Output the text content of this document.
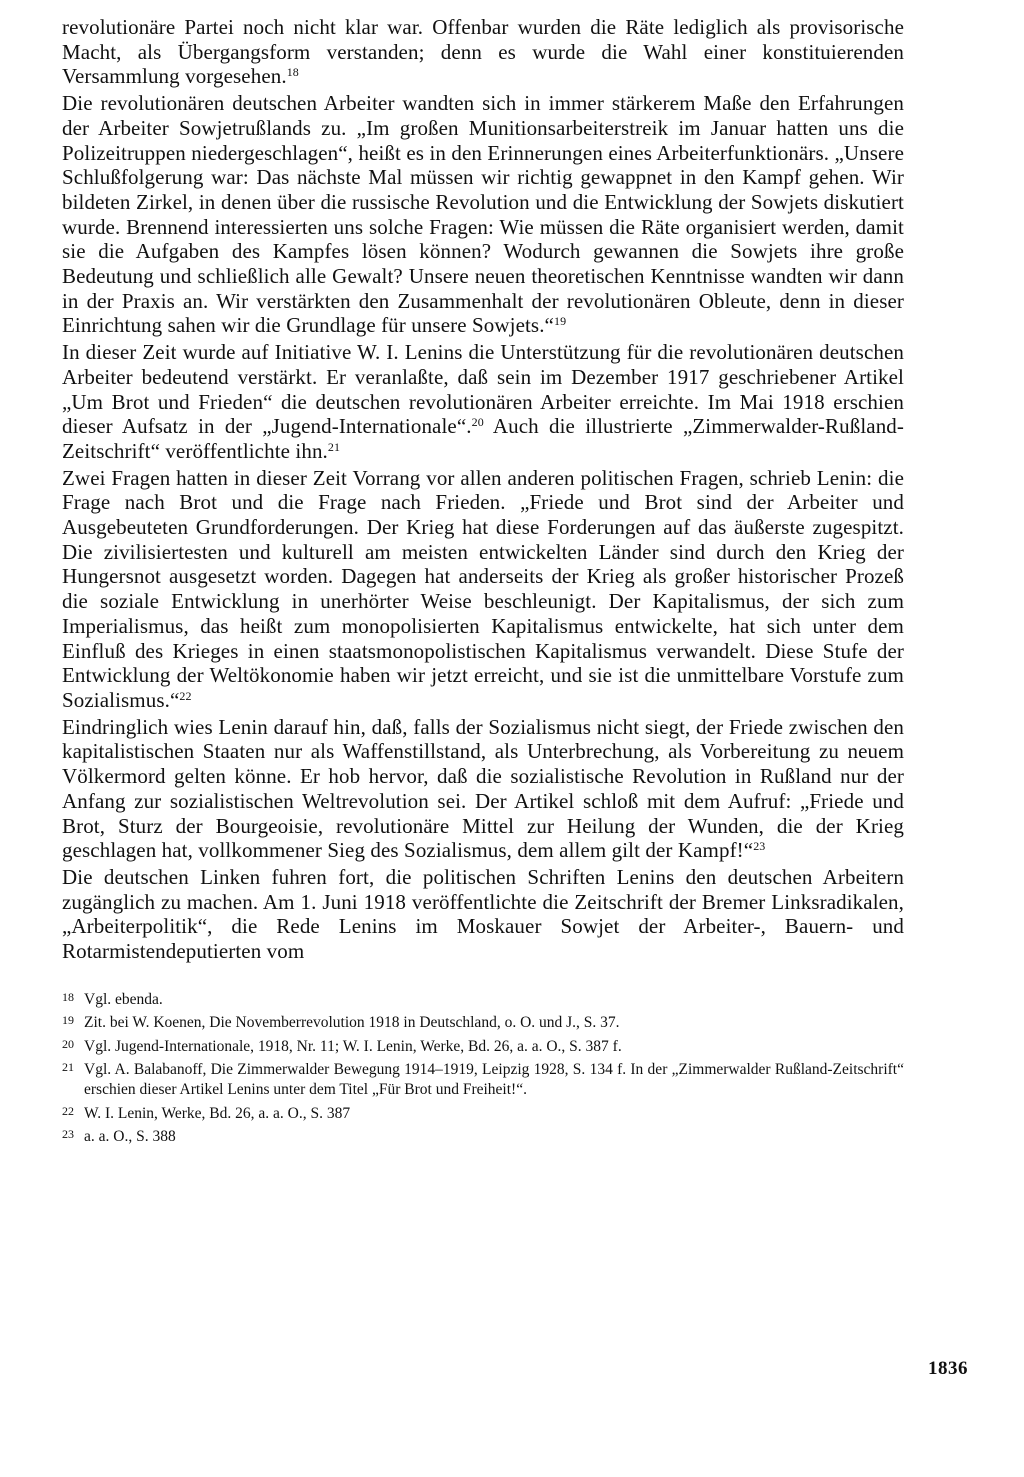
revolutionäre Partei noch nicht klar war. Offenbar wurden die Räte lediglich als provisorische Macht, als Übergangsform verstanden; denn es wurde die Wahl einer konstituierenden Versammlung vorgesehen.$^{18}$

Die revolutionären deutschen Arbeiter wandten sich in immer stärkerem Maße den Erfahrungen der Arbeiter Sowjetrußlands zu. „Im großen Munitionsarbeiterstreik im Januar hatten uns die Polizeitruppen niedergeschlagen“, heißt es in den Erinnerungen eines Arbeiterfunktionärs. „Unsere Schlußfolgerung war: Das nächste Mal müssen wir richtig gewappnet in den Kampf gehen. Wir bildeten Zirkel, in denen über die russische Revolution und die Entwicklung der Sowjets diskutiert wurde. Brennend interessierten uns solche Fragen: Wie müssen die Räte organisiert werden, damit sie die Aufgaben des Kampfes lösen können? Wodurch gewannen die Sowjets ihre große Bedeutung und schließlich alle Gewalt? Unsere neuen theoretischen Kenntnisse wandten wir dann in der Praxis an. Wir verstärkten den Zusammenhalt der revolutionären Obleute, denn in dieser Einrichtung sahen wir die Grundlage für unsere Sowjets.“$^{19}$

In dieser Zeit wurde auf Initiative W. I. Lenins die Unterstützung für die revolutionären deutschen Arbeiter bedeutend verstärkt. Er veranlaßte, daß sein im Dezember 1917 geschriebener Artikel „Um Brot und Frieden“ die deutschen revolutionären Arbeiter erreichte. Im Mai 1918 erschien dieser Aufsatz in der „Jugend-Internationale“.$^{20}$ Auch die illustrierte „Zimmerwalder-Rußland-Zeitschrift“ veröffentlichte ihn.$^{21}$

Zwei Fragen hatten in dieser Zeit Vorrang vor allen anderen politischen Fragen, schrieb Lenin: die Frage nach Brot und die Frage nach Frieden. „Friede und Brot sind der Arbeiter und Ausgebeuteten Grundforderungen. Der Krieg hat diese Forderungen auf das äußerste zugespitzt. Die zivilisiertesten und kulturell am meisten entwickelten Länder sind durch den Krieg der Hungersnot ausgesetzt worden. Dagegen hat anderseits der Krieg als großer historischer Prozeß die soziale Entwicklung in unerhörter Weise beschleunigt. Der Kapitalismus, der sich zum Imperialismus, das heißt zum monopolisierten Kapitalismus entwickelte, hat sich unter dem Einfluß des Krieges in einen staatsmonopolistischen Kapitalismus verwandelt. Diese Stufe der Entwicklung der Weltökonomie haben wir jetzt erreicht, und sie ist die unmittelbare Vorstufe zum Sozialismus.“$^{22}$

Eindringlich wies Lenin darauf hin, daß, falls der Sozialismus nicht siegt, der Friede zwischen den kapitalistischen Staaten nur als Waffenstillstand, als Unterbrechung, als Vorbereitung zu neuem Völkermord gelten könne. Er hob hervor, daß die sozialistische Revolution in Rußland nur der Anfang zur sozialistischen Weltrevolution sei. Der Artikel schloß mit dem Aufruf: „Friede und Brot, Sturz der Bourgeoisie, revolutionäre Mittel zur Heilung der Wunden, die der Krieg geschlagen hat, vollkommener Sieg des Sozialismus, dem allem gilt der Kampf!“$^{23}$

Die deutschen Linken fuhren fort, die politischen Schriften Lenins den deutschen Arbeitern zugänglich zu machen. Am 1. Juni 1918 veröffentlichte die Zeitschrift der Bremer Linksradikalen, „Arbeiterpolitik“, die Rede Lenins im Moskauer Sowjet der Arbeiter-, Bauern- und Rotarmistendeputierten vom

18 Vgl. ebenda.
19 Zit. bei W. Koenen, Die Novemberrevolution 1918 in Deutschland, o. O. und J., S. 37.
20 Vgl. Jugend-Internationale, 1918, Nr. 11; W. I. Lenin, Werke, Bd. 26, a. a. O., S. 387 f.
21 Vgl. A. Balabanoff, Die Zimmerwalder Bewegung 1914–1919, Leipzig 1928, S. 134 f. In der „Zimmerwalder Rußland-Zeitschrift“ erschien dieser Artikel Lenins unter dem Titel „Für Brot und Freiheit!“.
22 W. I. Lenin, Werke, Bd. 26, a. a. O., S. 387
23 a. a. O., S. 388
1836
